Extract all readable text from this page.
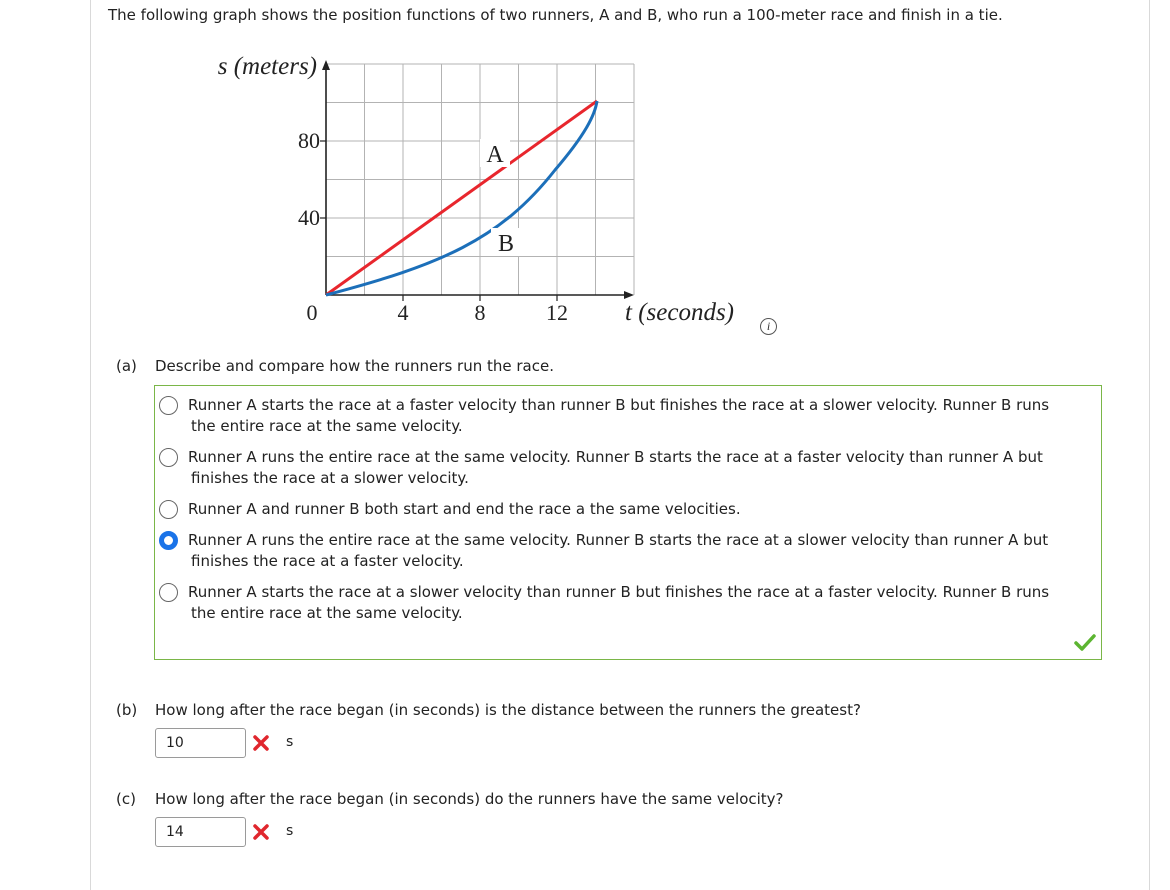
The following graph shows the position functions of two runners, A and B, who run a 100-meter race and finish in a tie.
s (meters)
80
40
0	4	8	12 t (seconds)
A
B
i
(a) Describe and compare how the runners run the race.
Runner A starts the race at a faster velocity than runner B but finishes the race at a slower velocity. Runner B runs
the entire race at the same velocity.
Runner A runs the entire race at the same velocity. Runner B starts the race at a faster velocity than runner A but
finishes the race at a slower velocity.
Runner A and runner B both start and end the race a the same velocities.
Runner A runs the entire race at the same velocity. Runner B starts the race at a slower velocity than runner A but
finishes the race at a faster velocity.
Runner A starts the race at a slower velocity than runner B but finishes the race at a faster velocity. Runner B runs
the entire race at the same velocity.
(b) How long after the race began (in seconds) is the distance between the runners the greatest?
10	s
(c) How long after the race began (in seconds) do the runners have the same velocity?
14	s
